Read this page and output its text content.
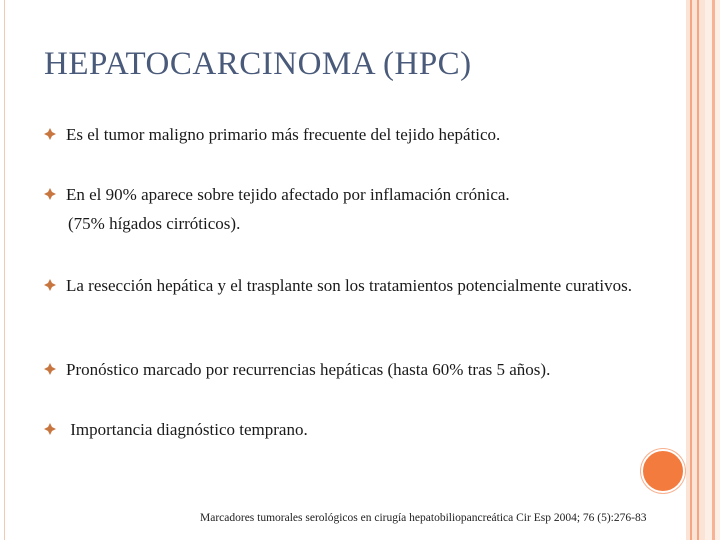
HEPATOCARCINOMA (HPC)
Es el tumor maligno primario más frecuente del tejido hepático.
En el 90% aparece sobre tejido afectado por inflamación crónica.
(75% hígados cirróticos).
La resección hepática y el trasplante son los tratamientos potencialmente curativos.
Pronóstico marcado por recurrencias hepáticas (hasta 60% tras 5 años).
Importancia diagnóstico temprano.
Marcadores tumorales serológicos en cirugía hepatobiliopancreática Cir Esp 2004; 76 (5):276-83
